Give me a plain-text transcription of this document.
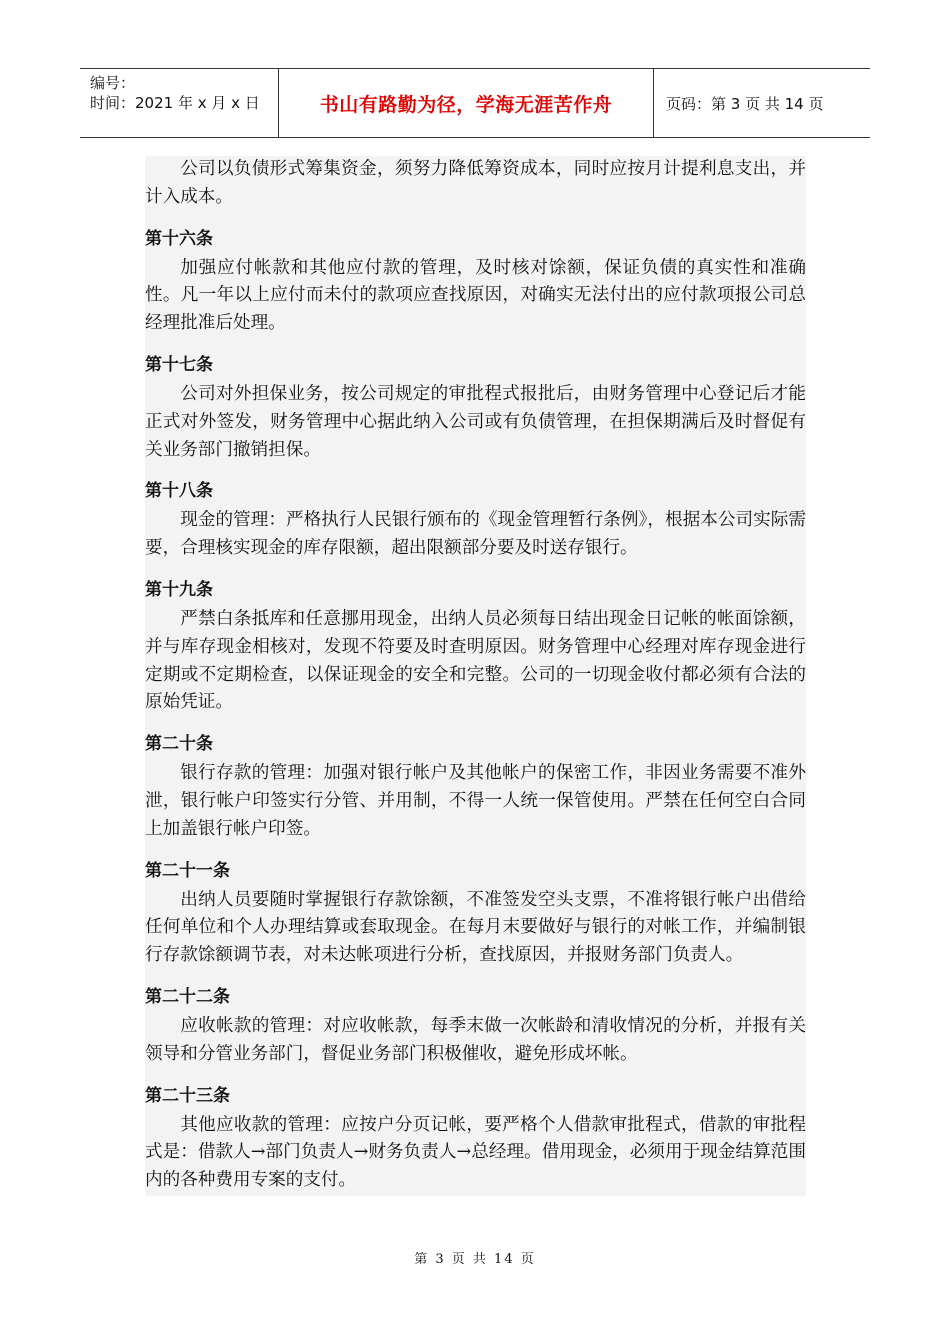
编号：
时间：2021 年 x 月 x 日	书山有路勤为径，学海无涯苦作舟	页码：第 3 页 共 14 页

公司以负债形式筹集资金，须努力降低筹资成本，同时应按月计提利息支出，并计入成本。

第十六条

加强应付帐款和其他应付款的管理，及时核对馀额，保证负债的真实性和准确性。凡一年以上应付而未付的款项应查找原因，对确实无法付出的应付款项报公司总经理批准后处理。

第十七条

公司对外担保业务，按公司规定的审批程式报批后，由财务管理中心登记后才能正式对外签发，财务管理中心据此纳入公司或有负债管理，在担保期满后及时督促有关业务部门撤销担保。

第十八条

现金的管理：严格执行人民银行颁布的《现金管理暂行条例》，根据本公司实际需要，合理核实现金的库存限额，超出限额部分要及时送存银行。

第十九条

严禁白条抵库和任意挪用现金，出纳人员必须每日结出现金日记帐的帐面馀额，并与库存现金相核对，发现不符要及时查明原因。财务管理中心经理对库存现金进行定期或不定期检查，以保证现金的安全和完整。公司的一切现金收付都必须有合法的原始凭证。

第二十条

银行存款的管理：加强对银行帐户及其他帐户的保密工作，非因业务需要不准外泄，银行帐户印签实行分管、并用制，不得一人统一保管使用。严禁在任何空白合同上加盖银行帐户印签。

第二十一条

出纳人员要随时掌握银行存款馀额，不准签发空头支票，不准将银行帐户出借给任何单位和个人办理结算或套取现金。在每月末要做好与银行的对帐工作，并编制银行存款馀额调节表，对未达帐项进行分析，查找原因，并报财务部门负责人。

第二十二条

应收帐款的管理：对应收帐款，每季末做一次帐龄和清收情况的分析，并报有关领导和分管业务部门，督促业务部门积极催收，避免形成坏帐。

第二十三条

其他应收款的管理：应按户分页记帐，要严格个人借款审批程式，借款的审批程式是：借款人→部门负责人→财务负责人→总经理。借用现金，必须用于现金结算范围内的各种费用专案的支付。

第 3 页 共 14 页
